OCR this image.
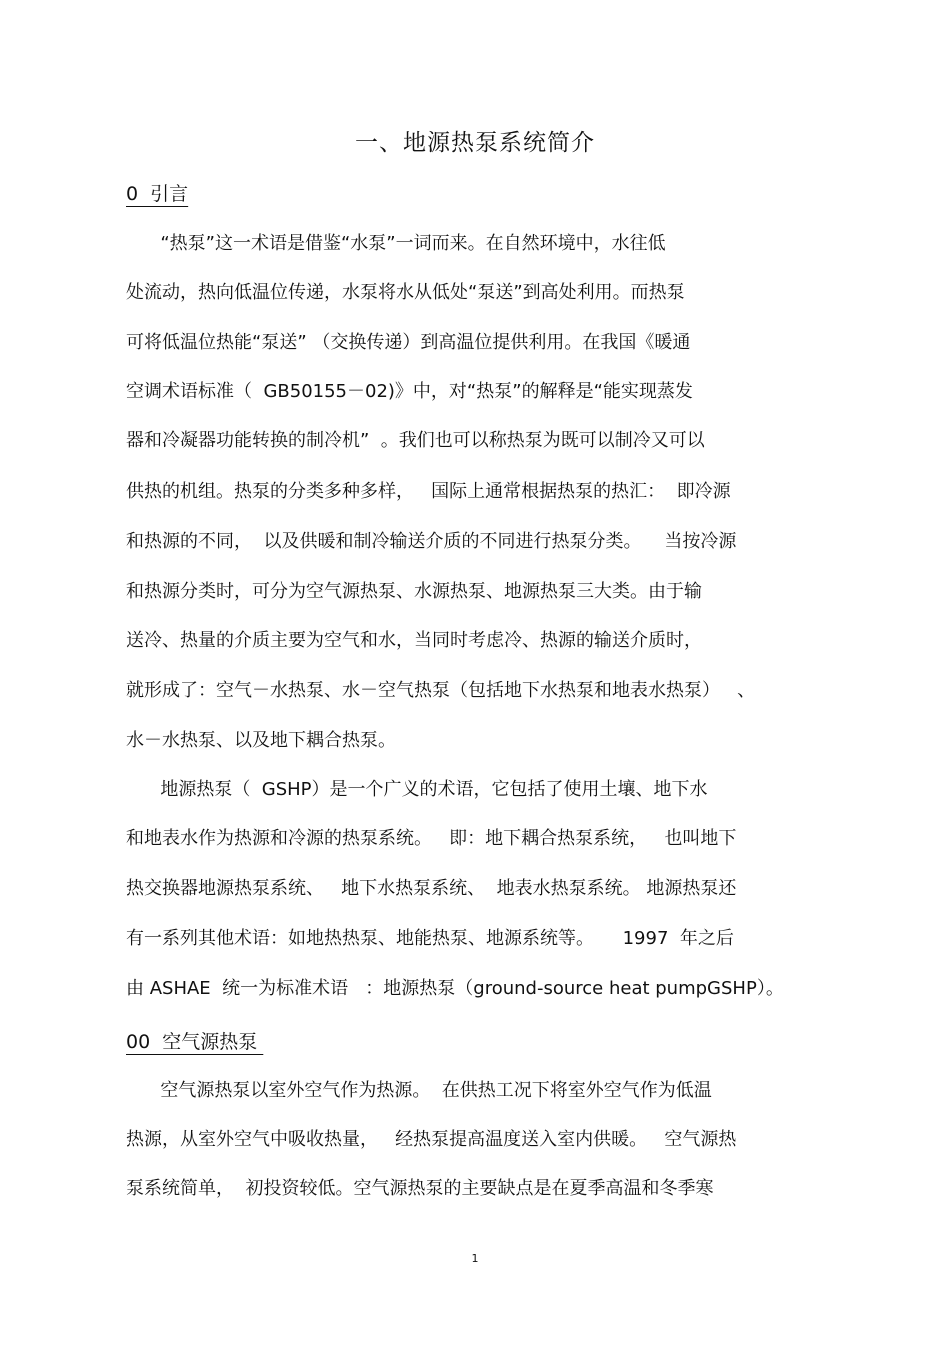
一、地源热泵系统简介
0  引言

“热泵”这一术语是借鉴“水泵”一词而来。在自然环境中，水往低

处流动，热向低温位传递，水泵将水从低处“泵送”到高处利用。而热泵

可将低温位热能“泵送” （交换传递）到高温位提供利用。在我国《暖通

空调术语标准（  GB50155－02)》中，对“热泵”的解释是“能实现蒸发

器和冷凝器功能转换的制冷机”  。我们也可以称热泵为既可以制冷又可以

供热的机组。热泵的分类多种多样，   国际上通常根据热泵的热汇：  即冷源

和热源的不同，  以及供暖和制冷输送介质的不同进行热泵分类。    当按冷源

和热源分类时，可分为空气源热泵、水源热泵、地源热泵三大类。由于输

送冷、热量的介质主要为空气和水，当同时考虑冷、热源的输送介质时，

就形成了：空气－水热泵、水－空气热泵（包括地下水热泵和地表水热泵）   、

水－水热泵、以及地下耦合热泵。

地源热泵（  GSHP）是一个广义的术语，它包括了使用土壤、地下水

和地表水作为热源和冷源的热泵系统。   即：地下耦合热泵系统，   也叫地下

热交换器地源热泵系统、   地下水热泵系统、  地表水热泵系统。 地源热泵还

有一系列其他术语：如地热热泵、地能热泵、地源系统等。     1997  年之后

由 ASHAE  统一为标准术语   ：地源热泵（ground-source heat pumpGSHP）。

00  空气源热泵

空气源热泵以室外空气作为热源。  在供热工况下将室外空气作为低温

热源，从室外空气中吸收热量，   经热泵提高温度送入室内供暖。   空气源热

泵系统简单，  初投资较低。空气源热泵的主要缺点是在夏季高温和冬季寒

1
